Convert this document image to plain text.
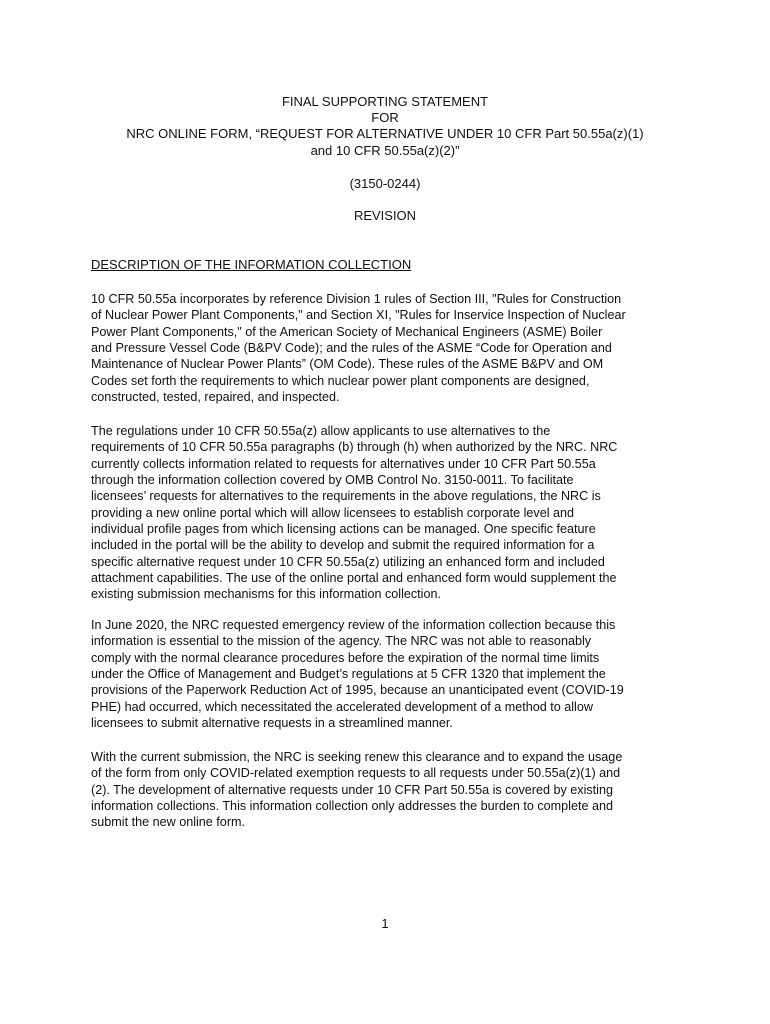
FINAL SUPPORTING STATEMENT
FOR
NRC ONLINE FORM, “REQUEST FOR ALTERNATIVE UNDER 10 CFR Part 50.55a(z)(1)
and 10 CFR 50.55a(z)(2)”
(3150-0244)
REVISION
DESCRIPTION OF THE INFORMATION COLLECTION
10 CFR 50.55a incorporates by reference Division 1 rules of Section III, "Rules for Construction
of Nuclear Power Plant Components," and Section XI, "Rules for Inservice Inspection of Nuclear
Power Plant Components," of the American Society of Mechanical Engineers (ASME) Boiler
and Pressure Vessel Code (B&PV Code); and the rules of the ASME “Code for Operation and
Maintenance of Nuclear Power Plants” (OM Code). These rules of the ASME B&PV and OM
Codes set forth the requirements to which nuclear power plant components are designed,
constructed, tested, repaired, and inspected.
The regulations under 10 CFR 50.55a(z) allow applicants to use alternatives to the
requirements of 10 CFR 50.55a paragraphs (b) through (h) when authorized by the NRC. NRC
currently collects information related to requests for alternatives under 10 CFR Part 50.55a
through the information collection covered by OMB Control No. 3150-0011. To facilitate
licensees’ requests for alternatives to the requirements in the above regulations, the NRC is
providing a new online portal which will allow licensees to establish corporate level and
individual profile pages from which licensing actions can be managed. One specific feature
included in the portal will be the ability to develop and submit the required information for a
specific alternative request under 10 CFR 50.55a(z) utilizing an enhanced form and included
attachment capabilities. The use of the online portal and enhanced form would supplement the
existing submission mechanisms for this information collection.
In June 2020, the NRC requested emergency review of the information collection because this
information is essential to the mission of the agency. The NRC was not able to reasonably
comply with the normal clearance procedures before the expiration of the normal time limits
under the Office of Management and Budget’s regulations at 5 CFR 1320 that implement the
provisions of the Paperwork Reduction Act of 1995, because an unanticipated event (COVID-19
PHE) had occurred, which necessitated the accelerated development of a method to allow
licensees to submit alternative requests in a streamlined manner.
With the current submission, the NRC is seeking renew this clearance and to expand the usage
of the form from only COVID-related exemption requests to all requests under 50.55a(z)(1) and
(2). The development of alternative requests under 10 CFR Part 50.55a is covered by existing
information collections. This information collection only addresses the burden to complete and
submit the new online form.
1
